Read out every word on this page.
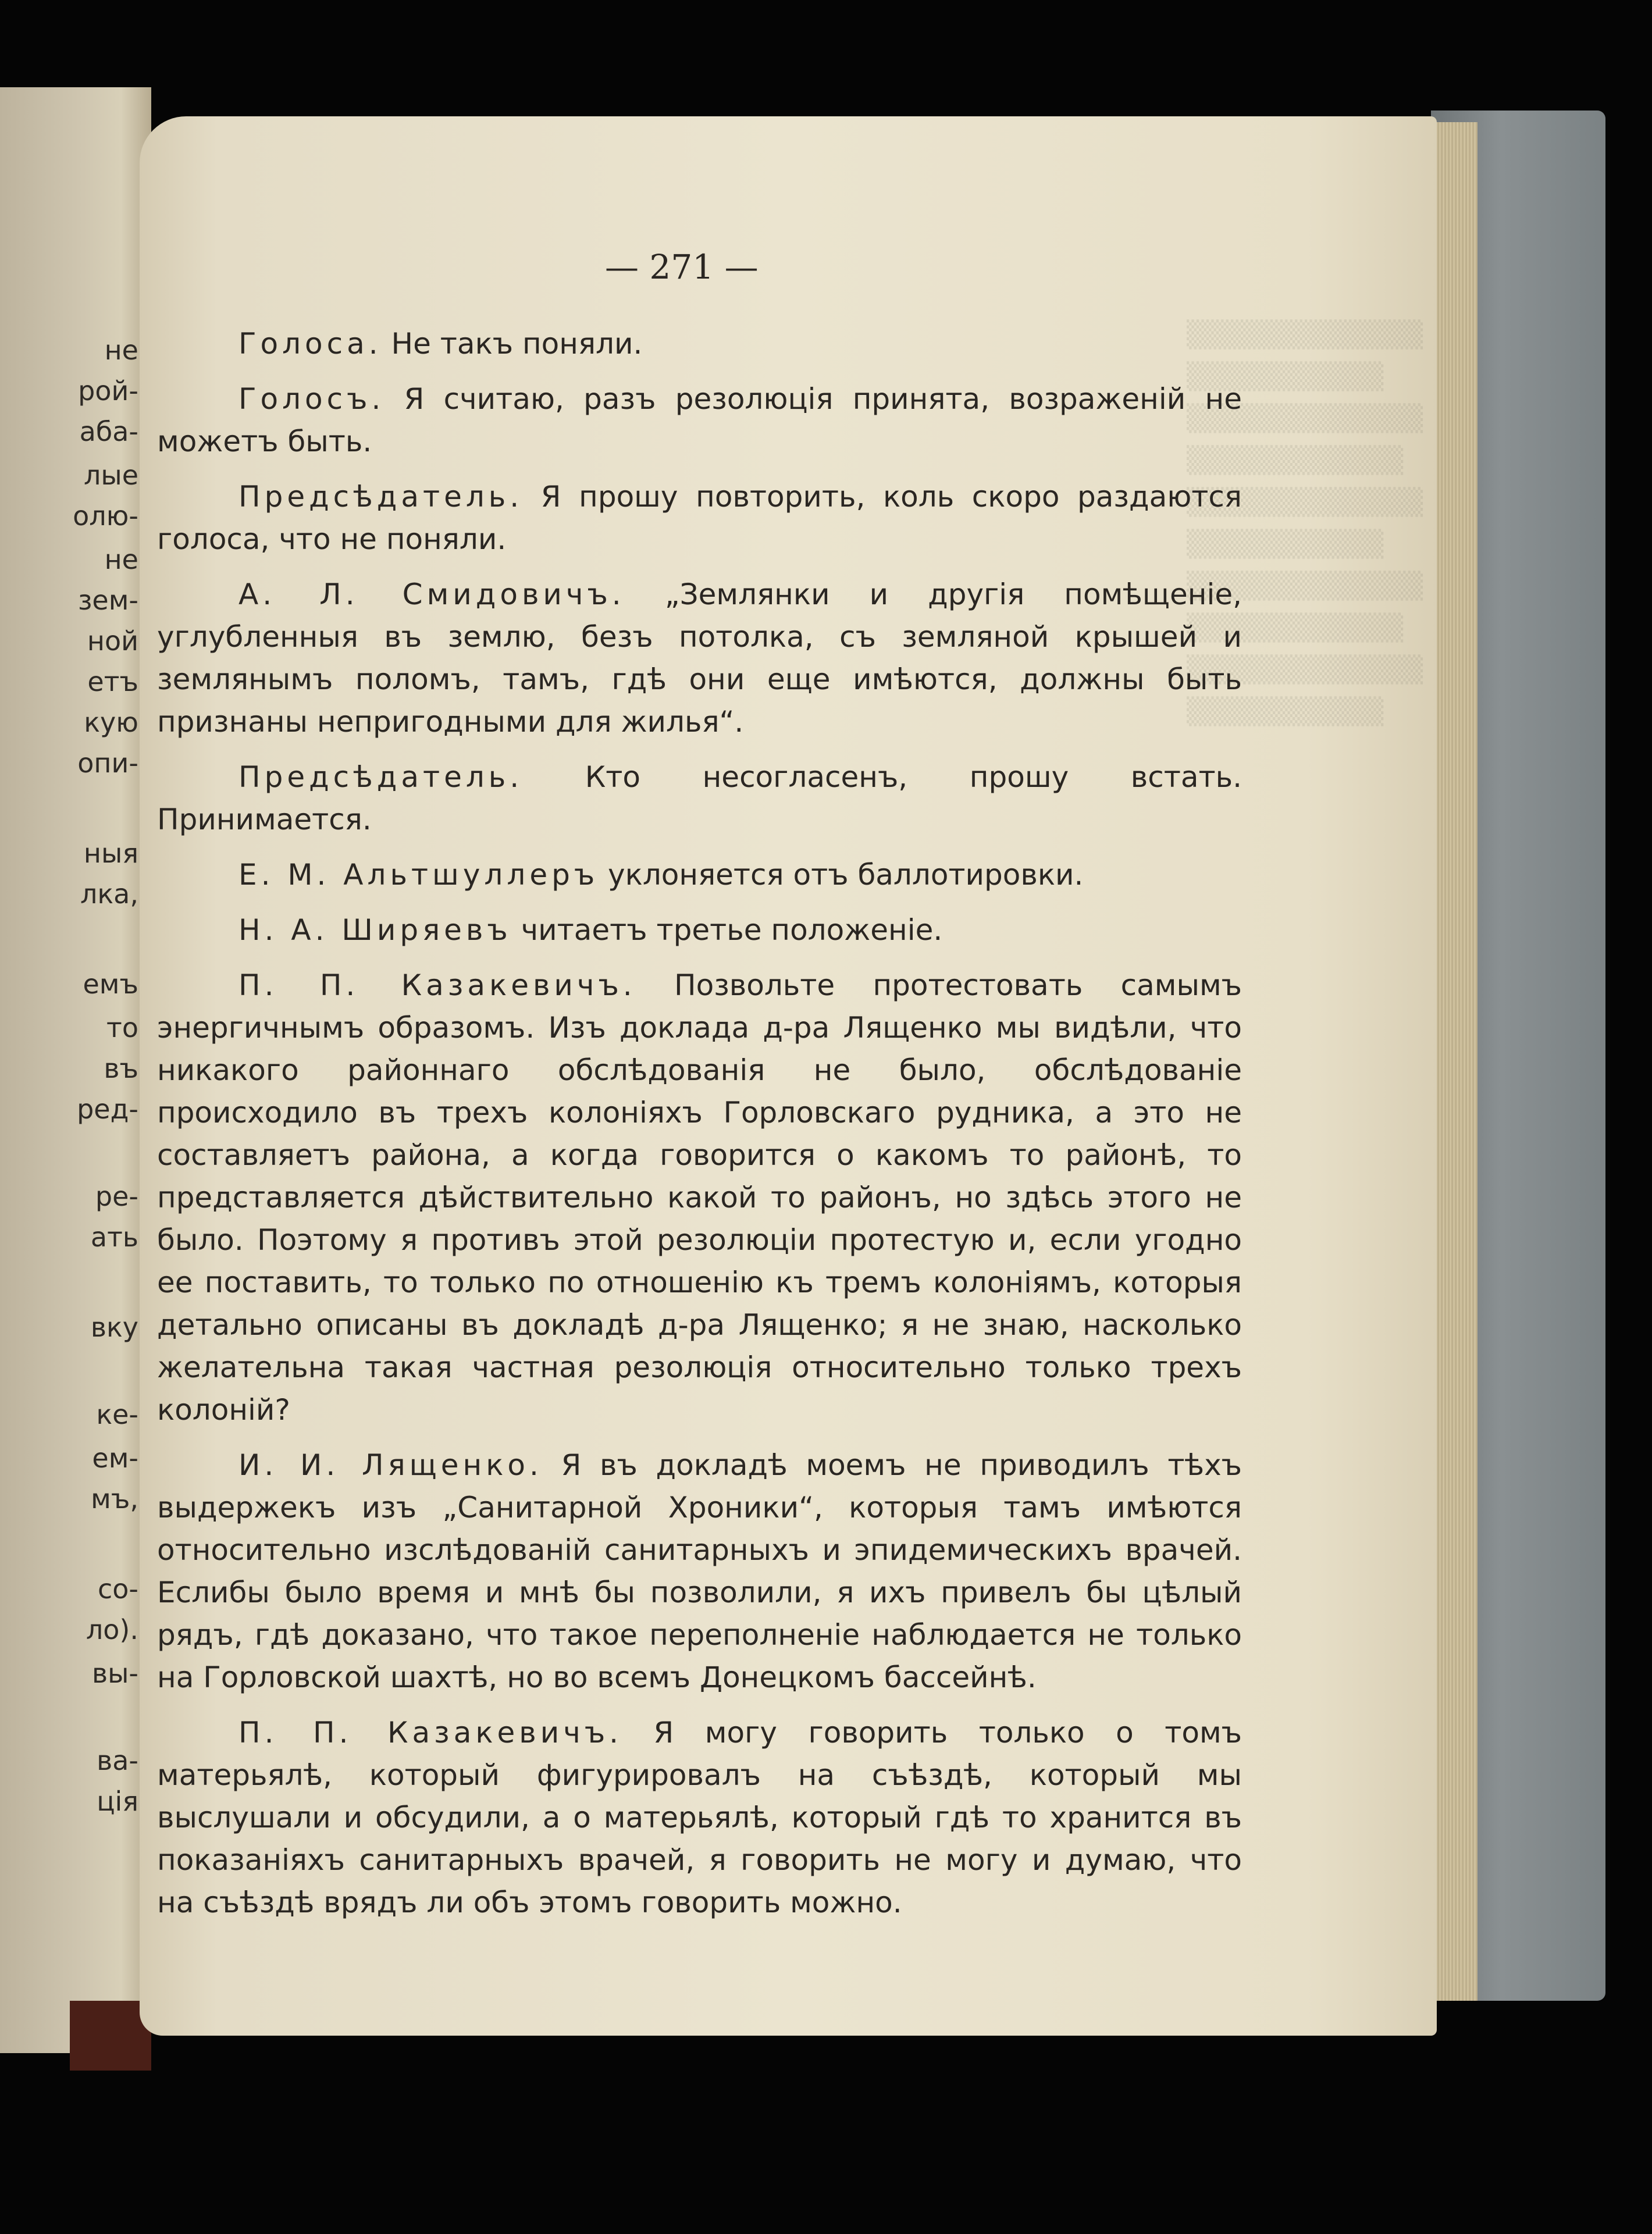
не
рой-
аба-
лые
олю-
не
зем-
ной
етъ
кую
опи-
ныя
лка,
емъ
то
въ
ред-
ре-
ать
вку
ке-
ем-
мъ,
со-
ло).
вы-
ва-
ція
▒▒▒▒▒▒▒▒▒▒▒▒
▒▒▒▒▒▒▒▒▒▒
▒▒▒▒▒▒▒▒▒▒▒▒
▒▒▒▒▒▒▒▒▒▒▒
▒▒▒▒▒▒▒▒▒▒▒▒
▒▒▒▒▒▒▒▒▒▒
▒▒▒▒▒▒▒▒▒▒▒▒
▒▒▒▒▒▒▒▒▒▒▒
▒▒▒▒▒▒▒▒▒▒▒▒
▒▒▒▒▒▒▒▒▒▒
— 271 —

Голоса. Не такъ поняли.

Голосъ. Я считаю, разъ резолюція принята, возраженій не можетъ быть.

Предсѣдатель. Я прошу повторить, коль скоро раздаются голоса, что не поняли.

А. Л. Смидовичъ. „Землянки и другія помѣщеніе, углубленныя въ землю, безъ потолка, съ земляной крышей и землянымъ поломъ, тамъ, гдѣ они еще имѣются, должны быть признаны непригодными для жилья“.

Предсѣдатель. Кто несогласенъ, прошу встать. Принимается.

Е. М. Альтшуллеръ уклоняется отъ баллотировки.

Н. А. Ширяевъ читаетъ третье положеніе.

П. П. Казакевичъ. Позвольте протестовать самымъ энергичнымъ образомъ. Изъ доклада д-ра Лященко мы видѣли, что никакого районнаго обслѣдованія не было, обслѣдованіе происходило въ трехъ колоніяхъ Горловскаго рудника, а это не составляетъ района, а когда говорится о какомъ то районѣ, то представляется дѣйствительно какой то районъ, но здѣсь этого не было. Поэтому я противъ этой резолюціи протестую и, если угодно ее поставить, то только по отношенію къ тремъ колоніямъ, которыя детально описаны въ докладѣ д-ра Лященко; я не знаю, насколько желательна такая частная резолюція относительно только трехъ колоній?

И. И. Лященко. Я въ докладѣ моемъ не приводилъ тѣхъ выдержекъ изъ „Санитарной Хроники“, которыя тамъ имѣются относительно изслѣдованій санитарныхъ и эпидемическихъ врачей. Еслибы было время и мнѣ бы позволили, я ихъ привелъ бы цѣлый рядъ, гдѣ доказано, что такое переполненіе наблюдается не только на Горловской шахтѣ, но во всемъ Донецкомъ бассейнѣ.

П. П. Казакевичъ. Я могу говорить только о томъ матерьялѣ, который фигурировалъ на съѣздѣ, который мы выслушали и обсудили, а о матерьялѣ, который гдѣ то хранится въ показаніяхъ санитарныхъ врачей, я говорить не могу и думаю, что на съѣздѣ врядъ ли объ этомъ говорить можно.
